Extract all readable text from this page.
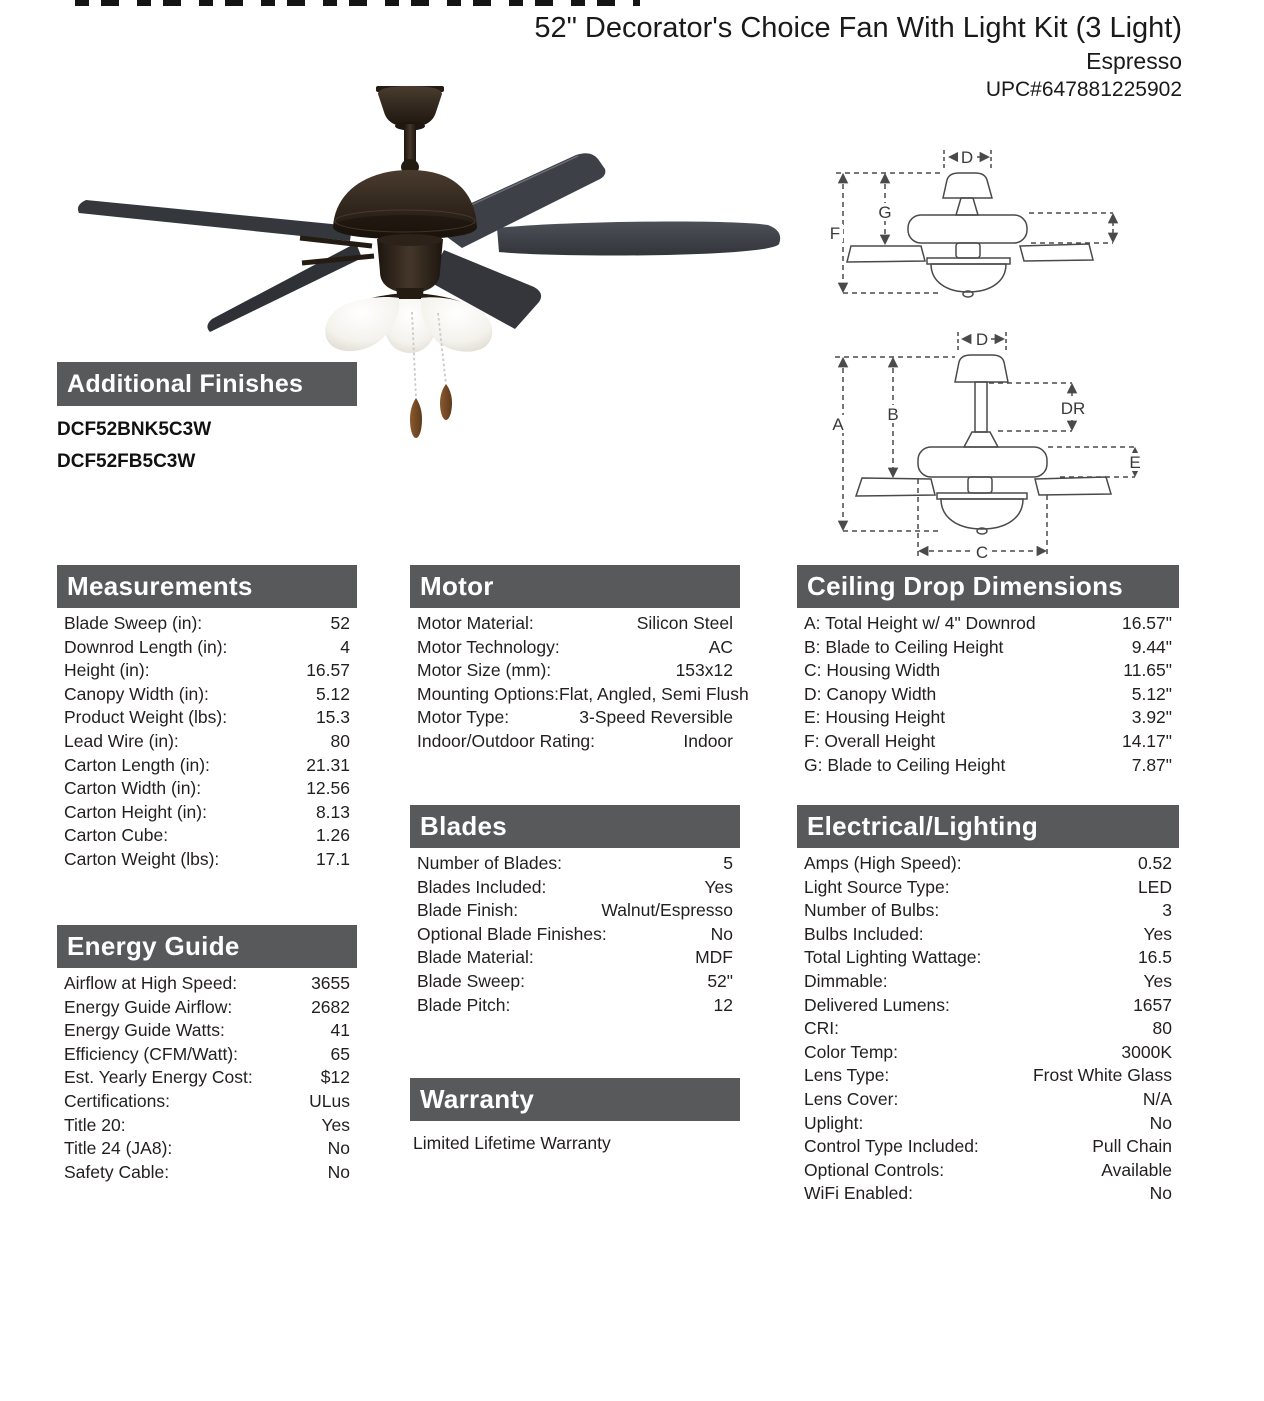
52" Decorator's Choice Fan With Light Kit (3 Light)
Espresso
UPC#647881225902
Additional Finishes
DCF52BNK5C3W
DCF52FB5C3W
D
G
F
D
A
B	DR
E
C
Measurements
Blade Sweep (in):	52
Downrod Length (in):	4
Height (in):	16.57
Canopy Width (in):	5.12
Product Weight (lbs):	15.3
Lead Wire (in):	80
Carton Length (in):	21.31
Carton Width (in):	12.56
Carton Height (in):	8.13
Carton Cube:	1.26
Carton Weight (lbs):	17.1
Energy Guide
Airflow at High Speed:	3655
Energy Guide Airflow:	2682
Energy Guide Watts:	41
Efficiency (CFM/Watt):	65
Est. Yearly Energy Cost:	$12
Certifications:	ULus
Title 20:	Yes
Title 24 (JA8):	No
Safety Cable:	No
Motor
Motor Material:	Silicon Steel
Motor Technology:	AC
Motor Size (mm):	153x12
Mounting Options: Flat, Angled, Semi Flush
Motor Type:	3-Speed Reversible
Indoor/Outdoor Rating:	Indoor
Blades
Number of Blades:	5
Blades Included:	Yes
Blade Finish:	Walnut/Espresso
Optional Blade Finishes:	No
Blade Material:	MDF
Blade Sweep:	52"
Blade Pitch:	12
Warranty
Limited Lifetime Warranty
Ceiling Drop Dimensions
A: Total Height w/ 4" Downrod	16.57"
B: Blade to Ceiling Height	9.44"
C: Housing Width	11.65"
D: Canopy Width	5.12"
E: Housing Height	3.92"
F: Overall Height	14.17"
G: Blade to Ceiling Height	7.87"
Electrical/Lighting
Amps (High Speed):	0.52
Light Source Type:	LED
Number of Bulbs:	3
Bulbs Included:	Yes
Total Lighting Wattage:	16.5
Dimmable:	Yes
Delivered Lumens:	1657
CRI:	80
Color Temp:	3000K
Lens Type:	Frost White Glass
Lens Cover:	N/A
Uplight:	No
Control Type Included:	Pull Chain
Optional Controls:	Available
WiFi Enabled:	No
